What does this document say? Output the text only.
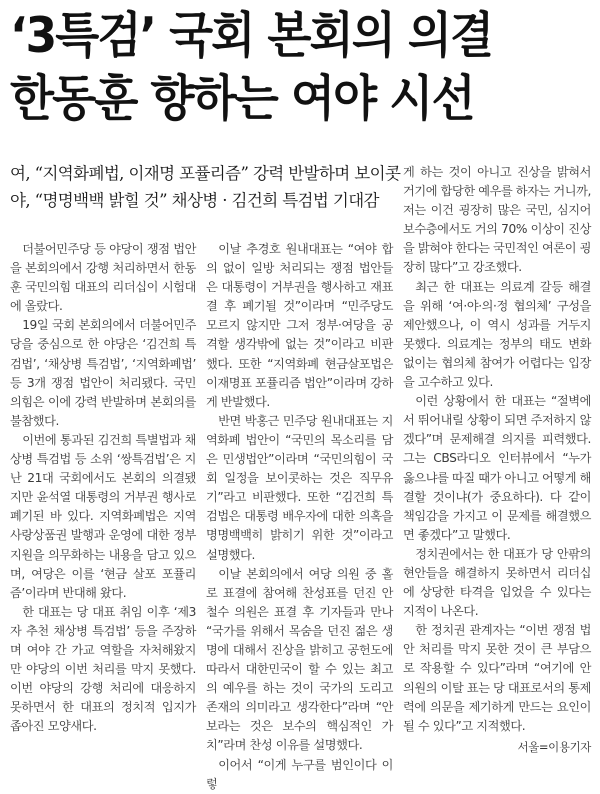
‘3특검’ 국회 본회의 의결
한동훈 향하는 여야 시선
여, “지역화폐법, 이재명 포퓰리즘” 강력 반발하며 보이콧
야, “명명백백 밝힐 것” 채상병 · 김건희 특검법 기대감

더불어민주당 등 야당이 쟁점 법안을 본회의에서 강행 처리하면서 한동훈 국민의힘 대표의 리더십이 시험대에 올랐다.

19일 국회 본회의에서 더불어민주당을 중심으로 한 야당은 ‘김건희 특검법’, ‘채상병 특검법’, ‘지역화폐법’ 등 3개 쟁점 법안이 처리됐다. 국민의힘은 이에 강력 반발하며 본회의를 불참했다.

이번에 통과된 김건희 특별법과 채상병 특검법 등 소위 ‘쌍특검법’은 지난 21대 국회에서도 본회의 의결됐지만 윤석열 대통령의 거부권 행사로 폐기된 바 있다. 지역화폐법은 지역사랑상품권 발행과 운영에 대한 정부 지원을 의무화하는 내용을 담고 있으며, 여당은 이를 ‘현금 살포 포퓰리즘’이라며 반대해 왔다.

한 대표는 당 대표 취임 이후 ‘제3자 추천 채상병 특검법’ 등을 주장하며 여야 간 가교 역할을 자처해왔지만 야당의 이번 처리를 막지 못했다. 이번 야당의 강행 처리에 대응하지 못하면서 한 대표의 정치적 입지가 좁아진 모양새다.

이날 추경호 원내대표는 “여야 합의 없이 일방 처리되는 쟁점 법안들은 대통령이 거부권을 행사하고 재표결 후 폐기될 것”이라며 “민주당도 모르지 않지만 그저 정부·여당을 공격할 생각밖에 없는 것”이라고 비판했다. 또한 “지역화폐 현금살포법은 이재명표 포퓰리즘 법안”이라며 강하게 반발했다.

반면 박홍근 민주당 원내대표는 지역화폐 법안이 “국민의 목소리를 담은 민생법안”이라며 “국민의힘이 국회 일정을 보이콧하는 것은 직무유기”라고 비판했다. 또한 “김건희 특검법은 대통령 배우자에 대한 의혹을 명명백백히 밝히기 위한 것”이라고 설명했다.

이날 본회의에서 여당 의원 중 홀로 표결에 참여해 찬성표를 던진 안철수 의원은 표결 후 기자들과 만나 “국가를 위해서 목숨을 던진 젊은 생명에 대해서 진상을 밝히고 공헌도에 따라서 대한민국이 할 수 있는 최고의 예우를 하는 것이 국가의 도리고 존재의 의미라고 생각한다”라며 “안보라는 것은 보수의 핵심적인 가치”라며 찬성 이유를 설명했다.

이어서 “이게 누구를 범인이다 이렇

게 하는 것이 아니고 진상을 밝혀서 거기에 합당한 예우를 하자는 거니까, 저는 이건 굉장히 많은 국민, 심지어 보수층에서도 거의 70% 이상이 진상을 밝혀야 한다는 국민적인 여론이 굉장히 많다”고 강조했다.

최근 한 대표는 의료계 갈등 해결을 위해 ‘여·야·의·정 협의체’ 구성을 제안했으나, 이 역시 성과를 거두지 못했다. 의료계는 정부의 태도 변화 없이는 협의체 참여가 어렵다는 입장을 고수하고 있다.

이런 상황에서 한 대표는 “절벽에서 뛰어내릴 상황이 되면 주저하지 않겠다”며 문제해결 의지를 피력했다. 그는 CBS라디오 인터뷰에서 “누가 옳으냐를 따질 때가 아니고 어떻게 해결할 것이냐(가 중요하다). 다 같이 책임감을 가지고 이 문제를 해결했으면 좋겠다”고 말했다.

정치권에서는 한 대표가 당 안팎의 현안들을 해결하지 못하면서 리더십에 상당한 타격을 입었을 수 있다는 지적이 나온다.

한 정치권 관계자는 “이번 쟁점 법안 처리를 막지 못한 것이 큰 부담으로 작용할 수 있다”라며 “여기에 안 의원의 이탈 표는 당 대표로서의 통제력에 의문을 제기하게 만드는 요인이 될 수 있다”고 지적했다.

서울=이용기자
